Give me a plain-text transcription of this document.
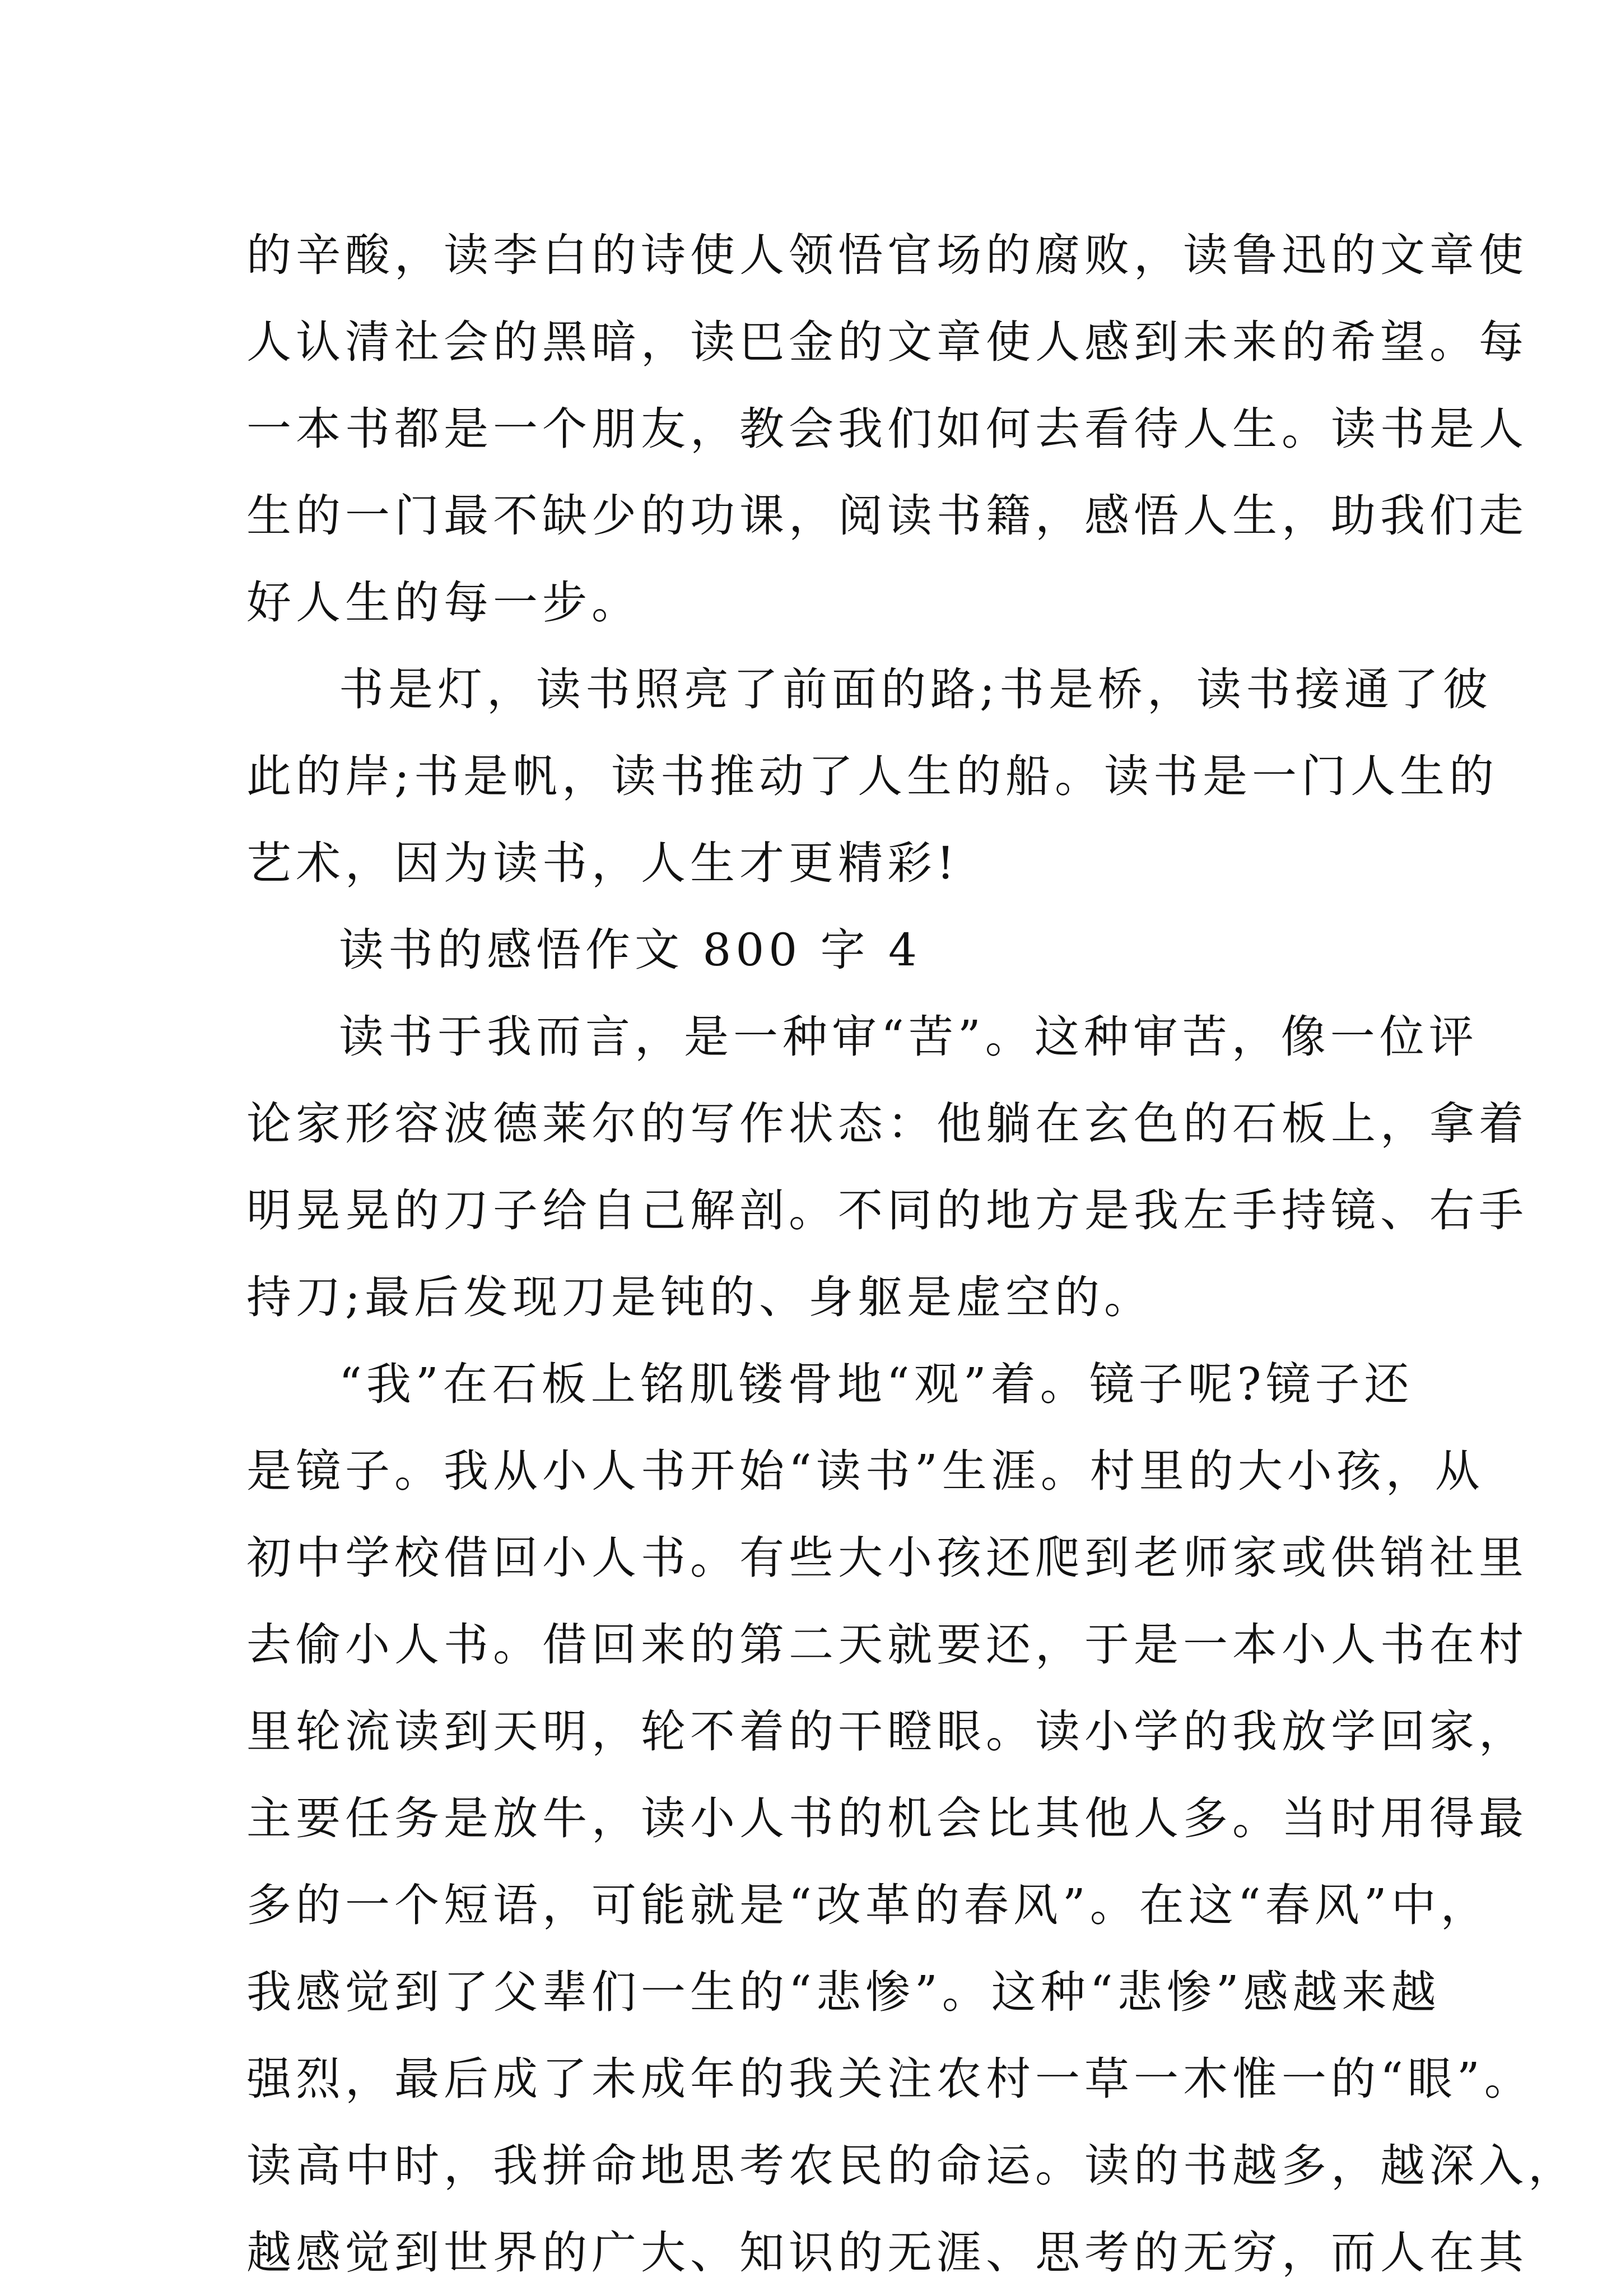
的辛酸，读李白的诗使人领悟官场的腐败，读鲁迅的文章使
人认清社会的黑暗，读巴金的文章使人感到未来的希望。每
一本书都是一个朋友，教会我们如何去看待人生。读书是人
生的一门最不缺少的功课，阅读书籍，感悟人生，助我们走
好人生的每一步。
书是灯，读书照亮了前面的路;书是桥，读书接通了彼
此的岸;书是帆，读书推动了人生的船。读书是一门人生的
艺术，因为读书，人生才更精彩!
读书的感悟作文 800 字 4
读书于我而言，是一种审“苦”。这种审苦，像一位评
论家形容波德莱尔的写作状态：他躺在玄色的石板上，拿着
明晃晃的刀子给自己解剖。不同的地方是我左手持镜、右手
持刀;最后发现刀是钝的、身躯是虚空的。
“我”在石板上铭肌镂骨地“观”着。镜子呢?镜子还
是镜子。我从小人书开始“读书”生涯。村里的大小孩，从
初中学校借回小人书。有些大小孩还爬到老师家或供销社里
去偷小人书。借回来的第二天就要还，于是一本小人书在村
里轮流读到天明，轮不着的干瞪眼。读小学的我放学回家，
主要任务是放牛，读小人书的机会比其他人多。当时用得最
多的一个短语，可能就是“改革的春风”。在这“春风”中，
我感觉到了父辈们一生的“悲惨”。这种“悲惨”感越来越
强烈，最后成了未成年的我关注农村一草一木惟一的“眼”。
读高中时，我拼命地思考农民的命运。读的书越多，越深入，
越感觉到世界的广大、知识的无涯、思考的无穷，而人在其
